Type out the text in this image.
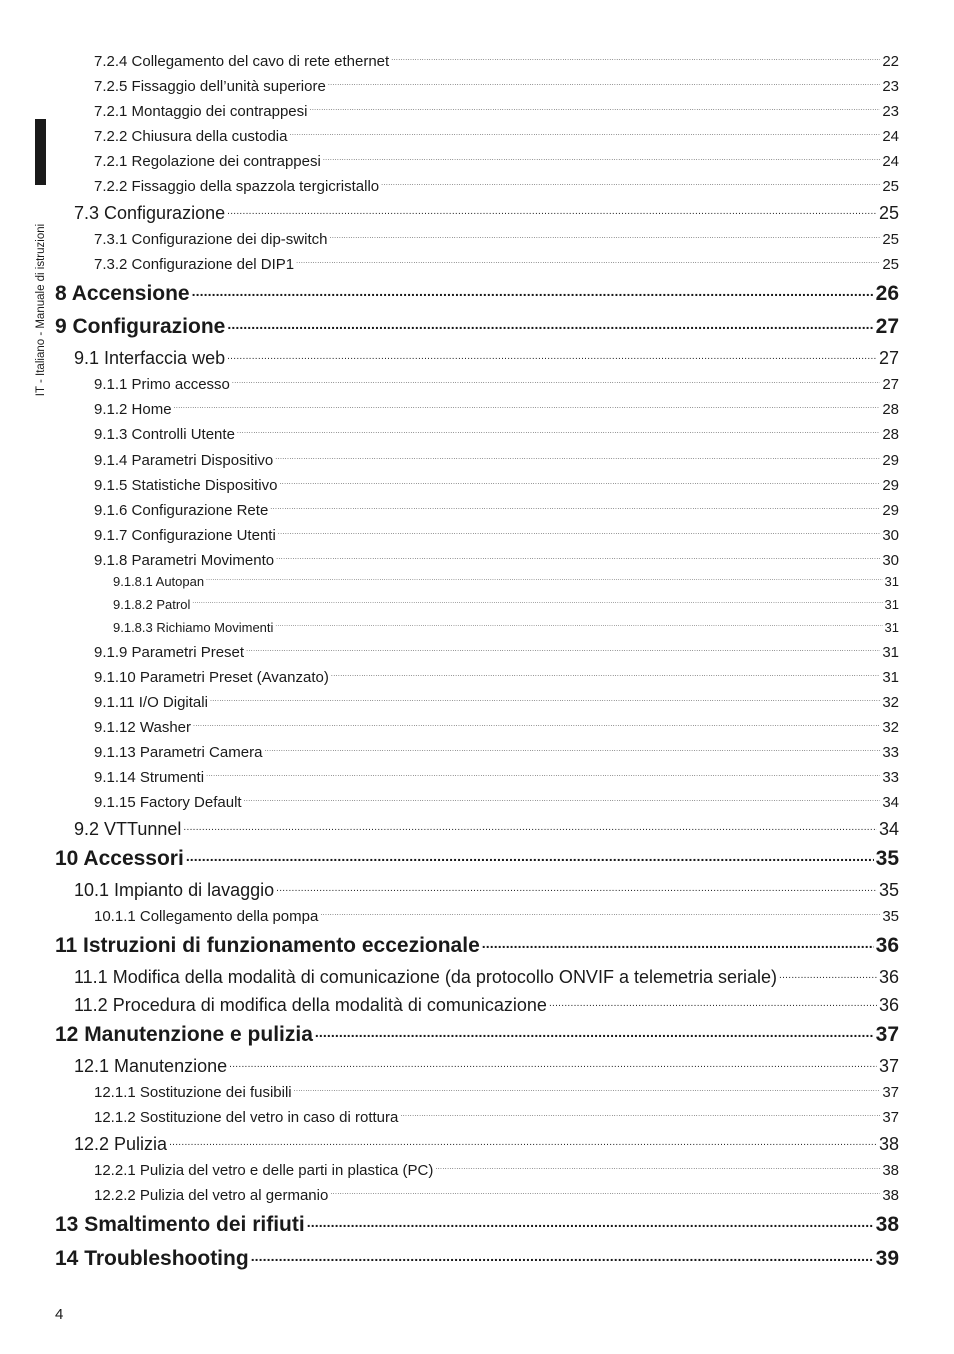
IT - Italiano - Manuale di istruzioni
7.2.4 Collegamento del cavo di rete ethernet .....	22
7.2.5 Fissaggio dell’unità superiore .....	23
7.2.1 Montaggio dei contrappesi .....	23
7.2.2 Chiusura della custodia .....	24
7.2.1 Regolazione dei contrappesi .....	24
7.2.2 Fissaggio della spazzola tergicristallo .....	25
7.3 Configurazione .....	25
7.3.1 Configurazione dei dip-switch .....	25
7.3.2 Configurazione del DIP1 .....	25
8 Accensione .....	26
9 Configurazione .....	27
9.1 Interfaccia web .....	27
9.1.1 Primo accesso .....	27
9.1.2 Home .....	28
9.1.3 Controlli Utente .....	28
9.1.4 Parametri Dispositivo .....	29
9.1.5 Statistiche Dispositivo .....	29
9.1.6 Configurazione Rete .....	29
9.1.7 Configurazione Utenti .....	30
9.1.8 Parametri Movimento .....	30
9.1.8.1 Autopan .....	31
9.1.8.2 Patrol .....	31
9.1.8.3 Richiamo Movimenti .....	31
9.1.9 Parametri Preset .....	31
9.1.10 Parametri Preset (Avanzato) .....	31
9.1.11 I/O Digitali .....	32
9.1.12 Washer .....	32
9.1.13 Parametri Camera .....	33
9.1.14 Strumenti .....	33
9.1.15 Factory Default .....	34
9.2 VTTunnel .....	34
10 Accessori .....	35
10.1 Impianto di lavaggio .....	35
10.1.1 Collegamento della pompa .....	35
11 Istruzioni di funzionamento eccezionale .....	36
11.1 Modifica della modalità di comunicazione (da protocollo ONVIF a telemetria seriale) .....	36
11.2 Procedura di modifica della modalità di comunicazione .....	36
12 Manutenzione e pulizia .....	37
12.1 Manutenzione .....	37
12.1.1 Sostituzione dei fusibili .....	37
12.1.2 Sostituzione del vetro in caso di rottura .....	37
12.2 Pulizia .....	38
12.2.1 Pulizia del vetro e delle parti in plastica (PC) .....	38
12.2.2 Pulizia del vetro al germanio .....	38
13 Smaltimento dei rifiuti .....	38
14 Troubleshooting .....	39
4
